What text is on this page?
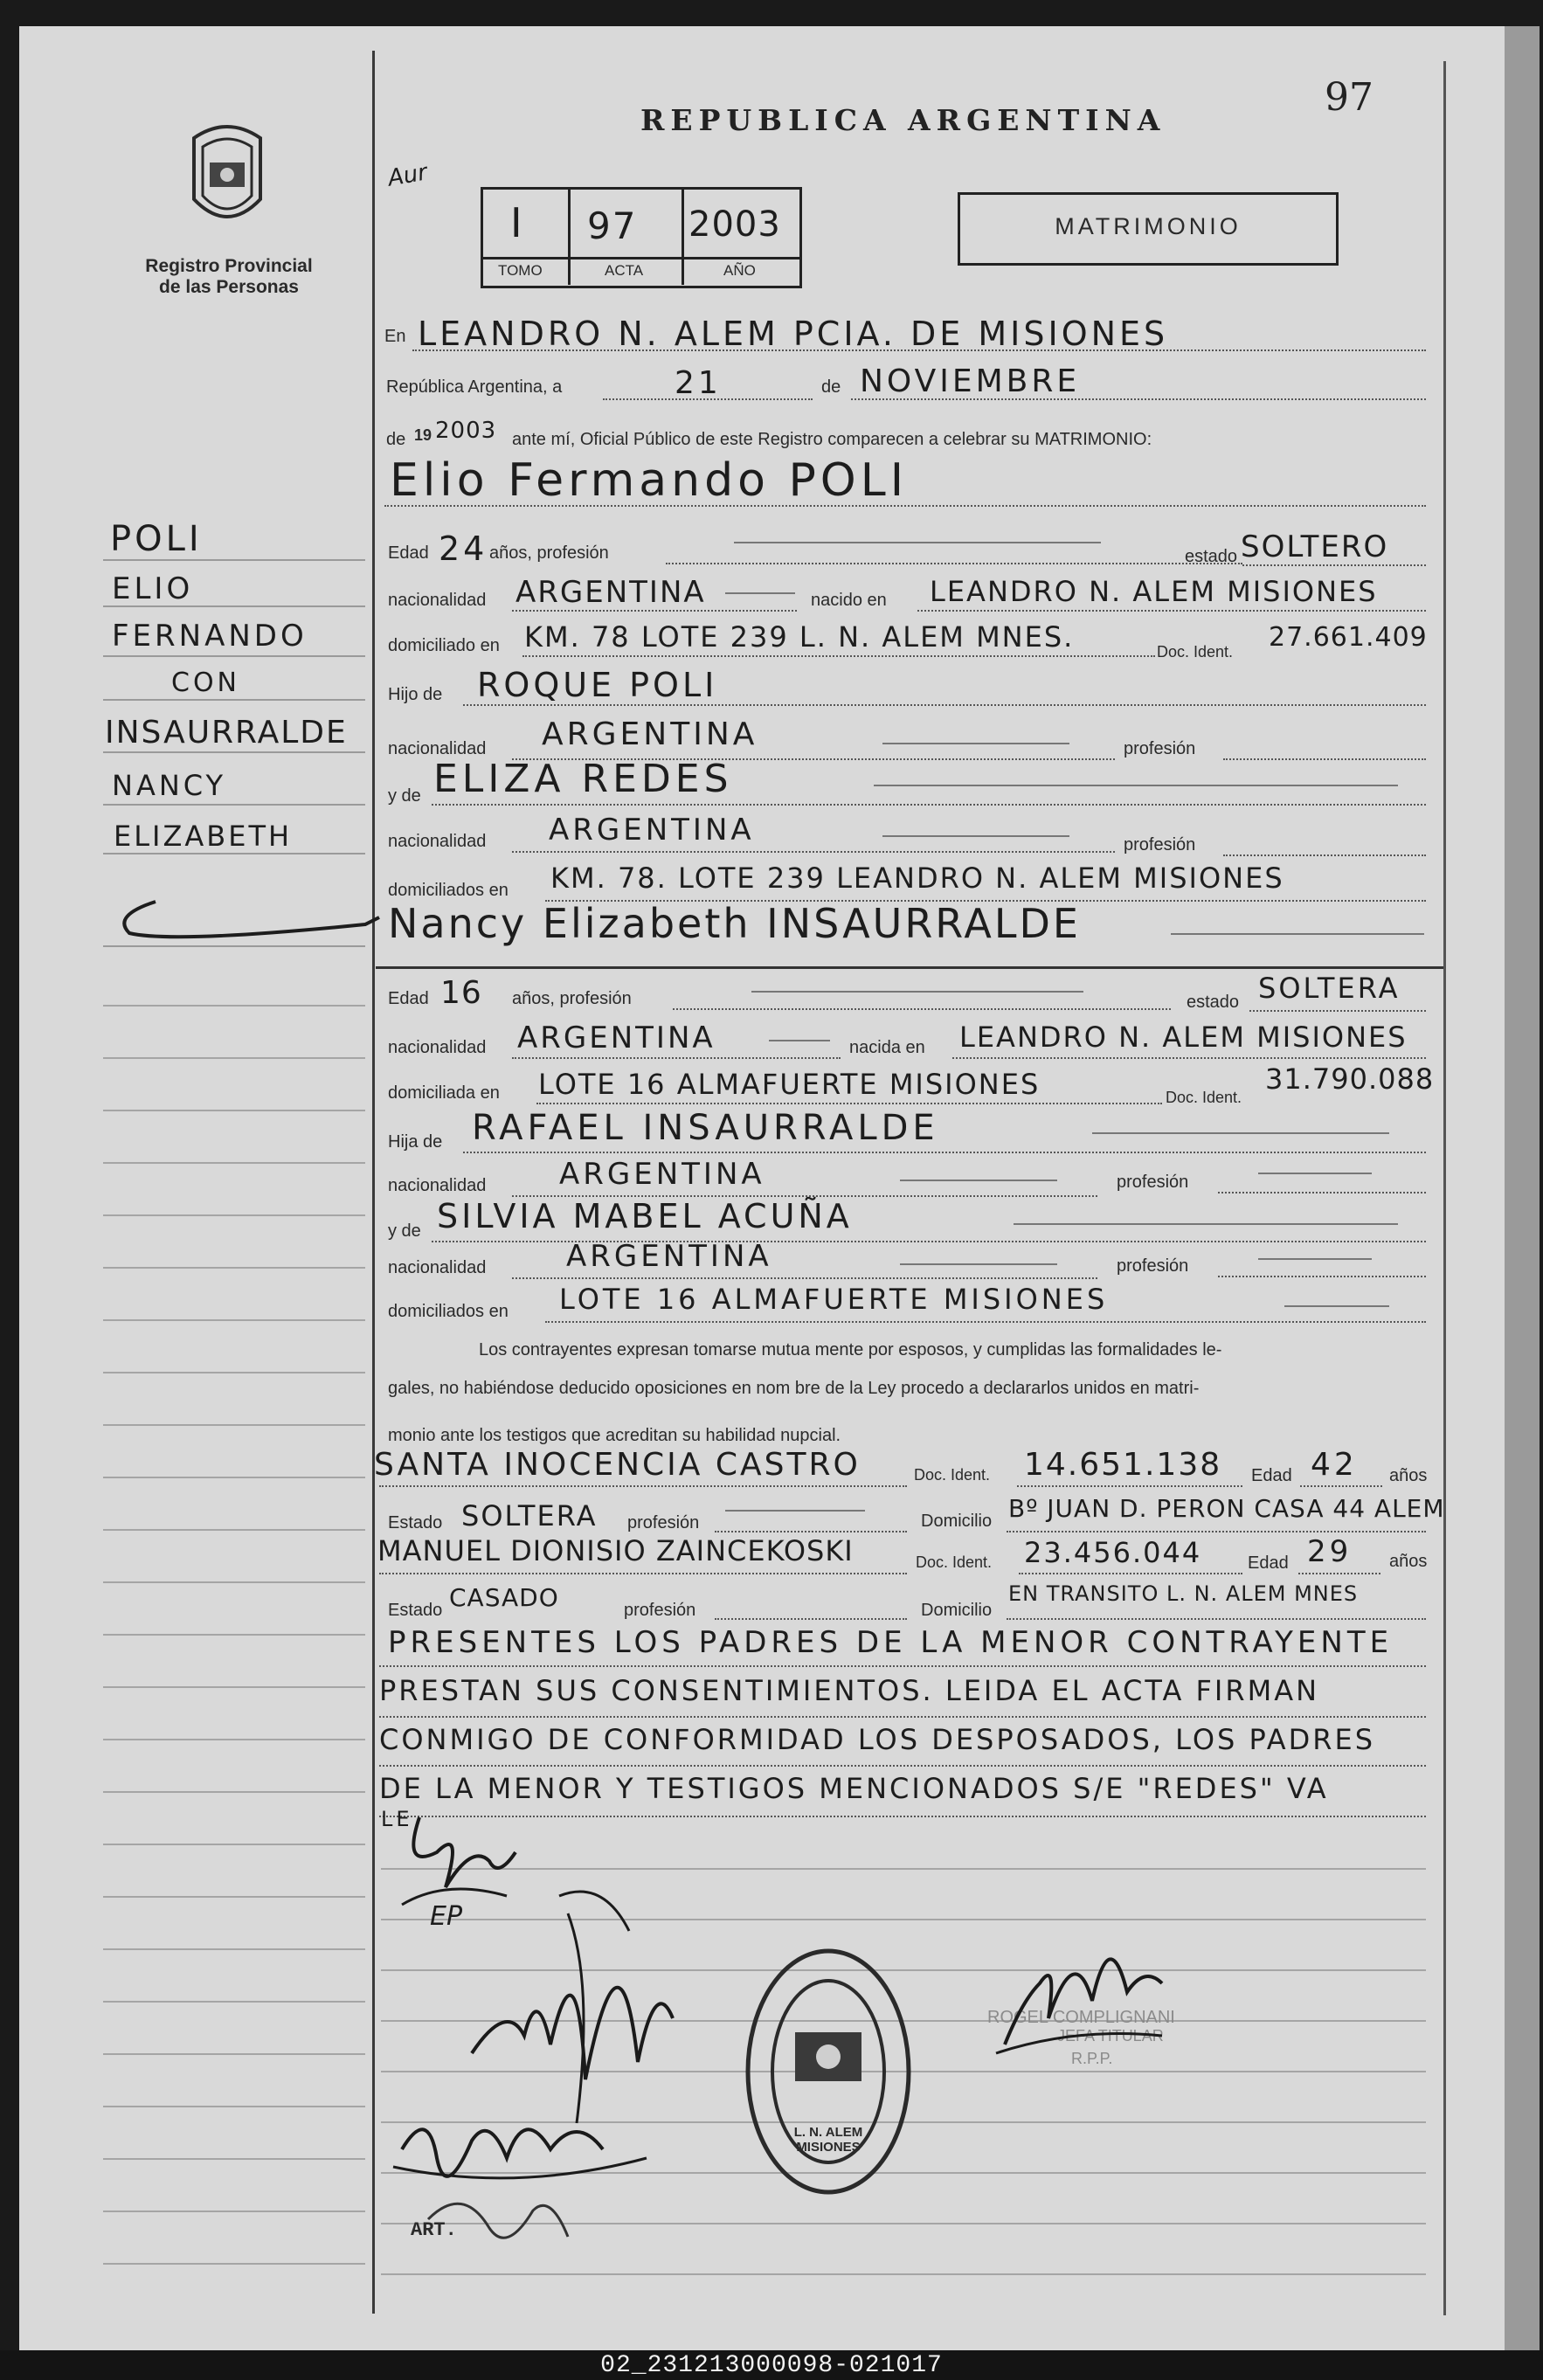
Registro Provincial
de las Personas
REPUBLICA ARGENTINA
97
Aur
I 97 2003
TOMO	ACTA	AÑO
MATRIMONIO
POLI
ELIO
FERNANDO
CON
INSAURRALDE
NANCY
ELIZABETH
En LEANDRO N. ALEM PCIA. DE MISIONES
República Argentina, a	21	de NOVIEMBRE
de 19 2003 ante mí, Oficial Público de este Registro comparecen a celebrar su MATRIMONIO:
Elio Fermando POLI
Edad 24 años, profesión	estado SOLTERO
nacionalidad ARGENTINA	nacido en LEANDRO N. ALEM MISIONES
domiciliado en KM. 78 LOTE 239 L. N. ALEM MNES.	Doc. Ident. 27.661.409
Hijo de ROQUE POLI
nacionalidad ARGENTINA	profesión
y de ELIZA REDES
nacionalidad ARGENTINA	profesión
domiciliados en KM. 78. LOTE 239 LEANDRO N. ALEM MISIONES
Nancy Elizabeth INSAURRALDE
Edad 16 años, profesión	estado SOLTERA
nacionalidad ARGENTINA	nacida en LEANDRO N. ALEM MISIONES
domiciliada en LOTE 16 ALMAFUERTE MISIONES	Doc. Ident.
31.790.088
Hija de RAFAEL INSAURRALDE
nacionalidad ARGENTINA	profesión
y de SILVIA MABEL ACUÑA
nacionalidad	ARGENTINA	profesión
domiciliados en LOTE 16 ALMAFUERTE MISIONES
Los contrayentes expresan tomarse mutua mente por esposos, y cumplidas las formalidades le-
gales, no habiéndose deducido oposiciones en nom bre de la Ley procedo a declararlos unidos en matri-
monio ante los testigos que acreditan su habilidad nupcial.
SANTA INOCENCIA CASTRO	Doc. Ident. 14.651.138 Edad 42 años
Estado SOLTERA profesión	Domicilio Bº JUAN D. PERON CASA 44 ALEM
MANUEL DIONISIO ZAINCEKOSKI	Doc. Ident. 23.456.044	Edad 29 años
Estado CASADO	profesión	Domicilio
EN TRANSITO L. N. ALEM MNES
PRESENTES LOS PADRES DE LA MENOR CONTRAYENTE
PRESTAN SUS CONSENTIMIENTOS. LEIDA EL ACTA FIRMAN
CONMIGO DE CONFORMIDAD LOS DESPOSADOS, LOS PADRES
DE LA MENOR Y TESTIGOS MENCIONADOS S/E "REDES" VA
LE
EP
ART.
L. N. ALEM MISIONES
ROGEL COMPLIGNANI
JEFA TITULAR
R.P.P.
02_231213000098-021017
